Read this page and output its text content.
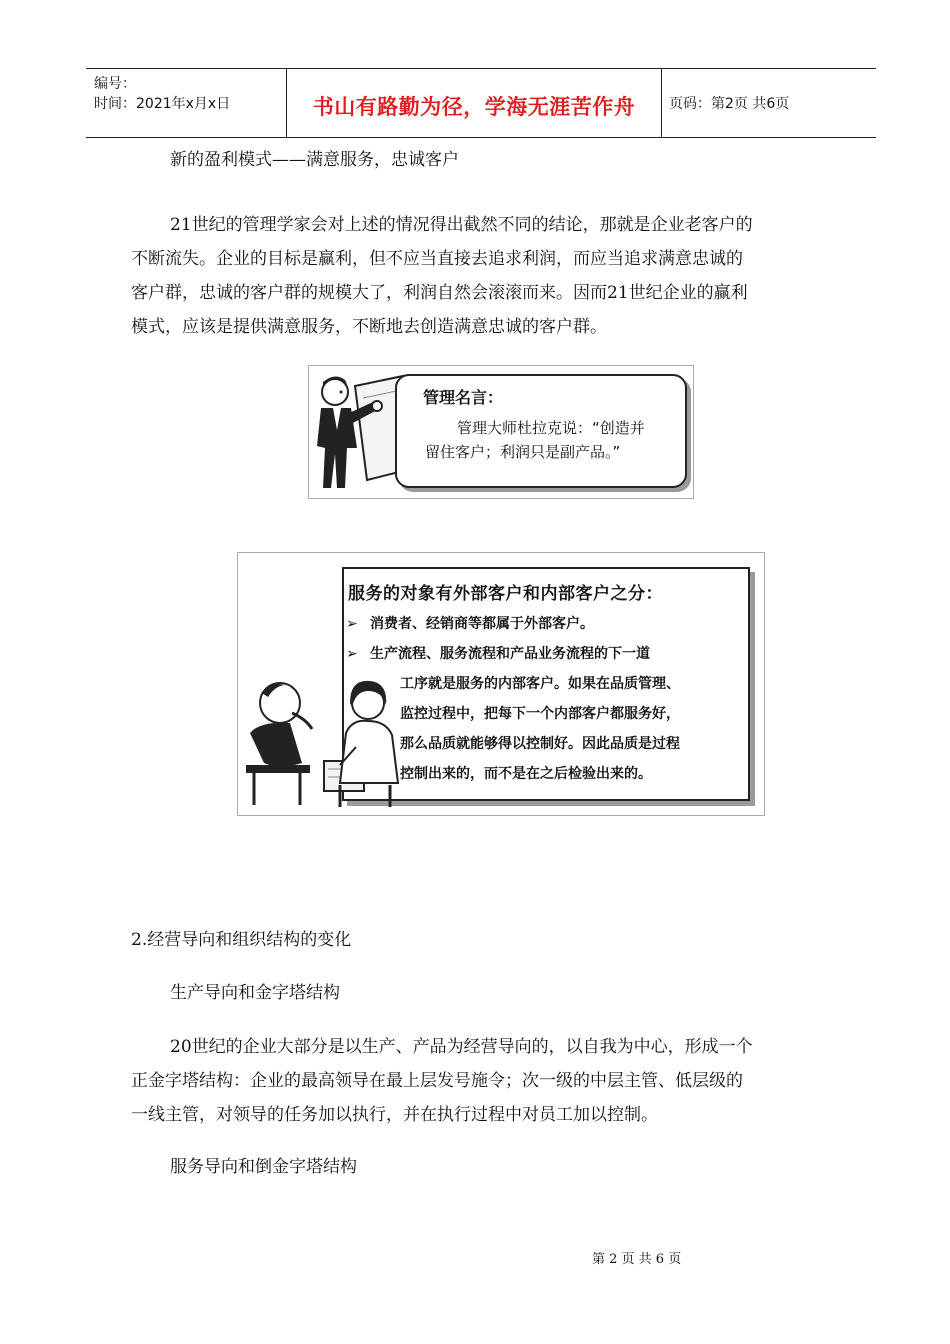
编号：
时间：2021年x月x日	书山有路勤为径，学海无涯苦作舟	页码：第2页 共6页

新的盈利模式——满意服务，忠诚客户

21世纪的管理学家会对上述的情况得出截然不同的结论，那就是企业老客户的
不断流失。企业的目标是赢利，但不应当直接去追求利润，而应当追求满意忠诚的
客户群，忠诚的客户群的规模大了，利润自然会滚滚而来。因而21世纪企业的赢利
模式，应该是提供满意服务，不断地去创造满意忠诚的客户群。
管理名言：
管理大师杜拉克说：“创造并
留住客户；利润只是副产品。”
服务的对象有外部客户和内部客户之分：
➢ 消费者、经销商等都属于外部客户。
➢ 生产流程、服务流程和产品业务流程的下一道
工序就是服务的内部客户。如果在品质管理、
监控过程中，把每下一个内部客户都服务好，
那么品质就能够得以控制好。因此品质是过程
控制出来的，而不是在之后检验出来的。

2.经营导向和组织结构的变化

生产导向和金字塔结构

20世纪的企业大部分是以生产、产品为经营导向的，以自我为中心，形成一个
正金字塔结构：企业的最高领导在最上层发号施令；次一级的中层主管、低层级的
一线主管，对领导的任务加以执行，并在执行过程中对员工加以控制。

服务导向和倒金字塔结构

第 2 页 共 6 页
